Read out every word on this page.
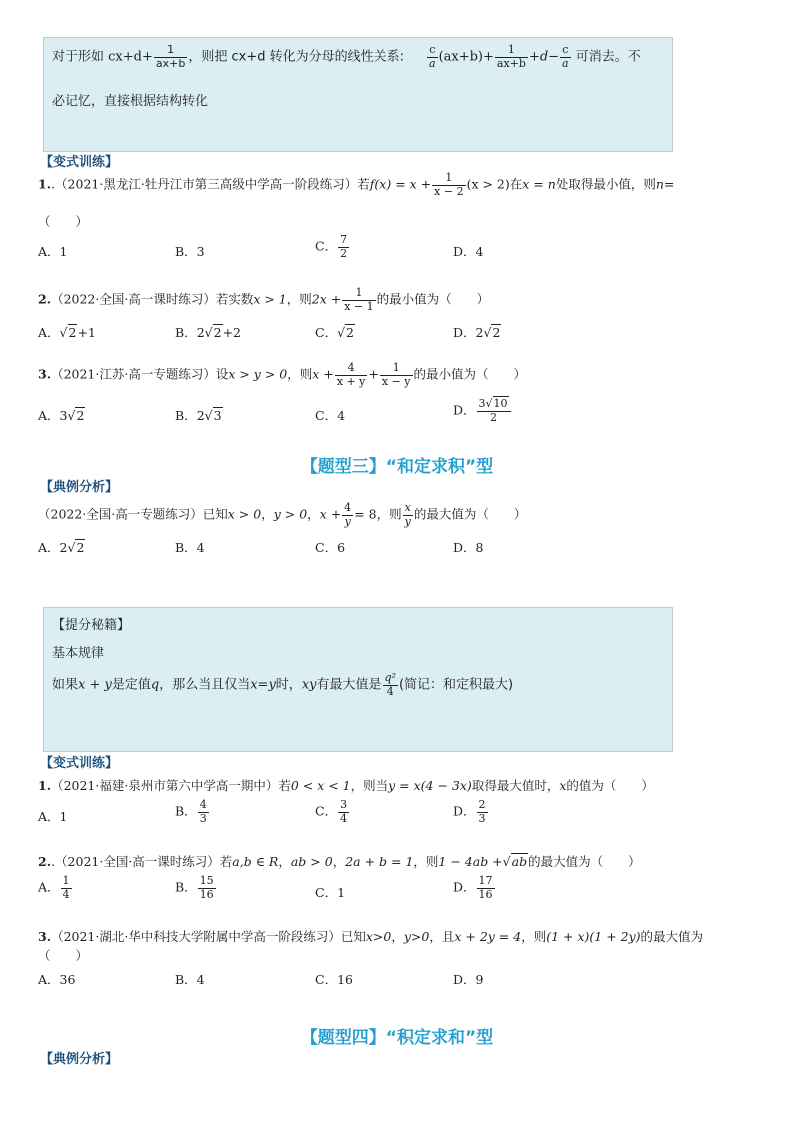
对于形如 $cx+d+ \frac{1}{ax+b}$ ，则把 cx+d 转化为分母的线性关系: $\frac{c}{a} (ax+b)+ \frac{1}{ax+b} +d- \frac{c}{a}$ 可消去。不
必记忆，直接根据结构转化
【变式训练】
1..（2021·黑龙江·牡丹江市第三高级中学高一阶段练习）若$f(x) = x + \frac{1}{x - 2} (x > 2)$在x = n处取得最小值，则n=
（　　）
A．1	B．3	C． $\frac{7}{2}$	D．4
2.（2022·全国·高一课时练习）若实数x > 1，则$2x + \frac{1}{x - 1}$ 的最小值为（　　）
A．√2+1	B．2√2+2	C．√2	D．2√2
3.（2021·江苏·高一专题练习）设x > y > 0，则$x + \frac{4}{x + y} + \frac{1}{x - y}$ 的最小值为（　　）
A．3√2	B．2√3	C．4	D． $\frac{3√10}{2}$
【题型三】“和定求积”型
【典例分析】
（2022·全国·高一专题练习）已知x > 0，y > 0，$x + \frac{4}{y} = 8$，则 $\frac{x}{y}$ 的最大值为（　　）
A．2√2	B．4	C．6	D．8
【提分秘籍】
基本规律
如果x + y是定值q，那么当且仅当x=y时，xy有最大值是 $\frac{\text{q²}}{4}$ (简记：和定积最大)
【变式训练】
1.（2021·福建·泉州市第六中学高一期中）若0 < x < 1，则当y = x(4 − 3x)取得最大值时，x的值为（　　）
A．1	B． $\frac{4}{3}$	C． $\frac{3}{4}$	D． $\frac{2}{3}$
2..（2021·全国·高一课时练习）若a,b ∈ R，ab > 0，2a + b = 1，则1 − 4ab +√ab的最大值为（　　）
A． $\frac{1}{4}$	B． $\frac{15}{16}$	C．1	D． $\frac{17}{16}$
3.（2021·湖北·华中科技大学附属中学高一阶段练习）已知x>0，y>0，且x + 2y = 4，则(1 + x)(1 + 2y)的最大值为
（　　）
A．36	B．4	C．16	D．9
【题型四】“积定求和”型
【典例分析】
